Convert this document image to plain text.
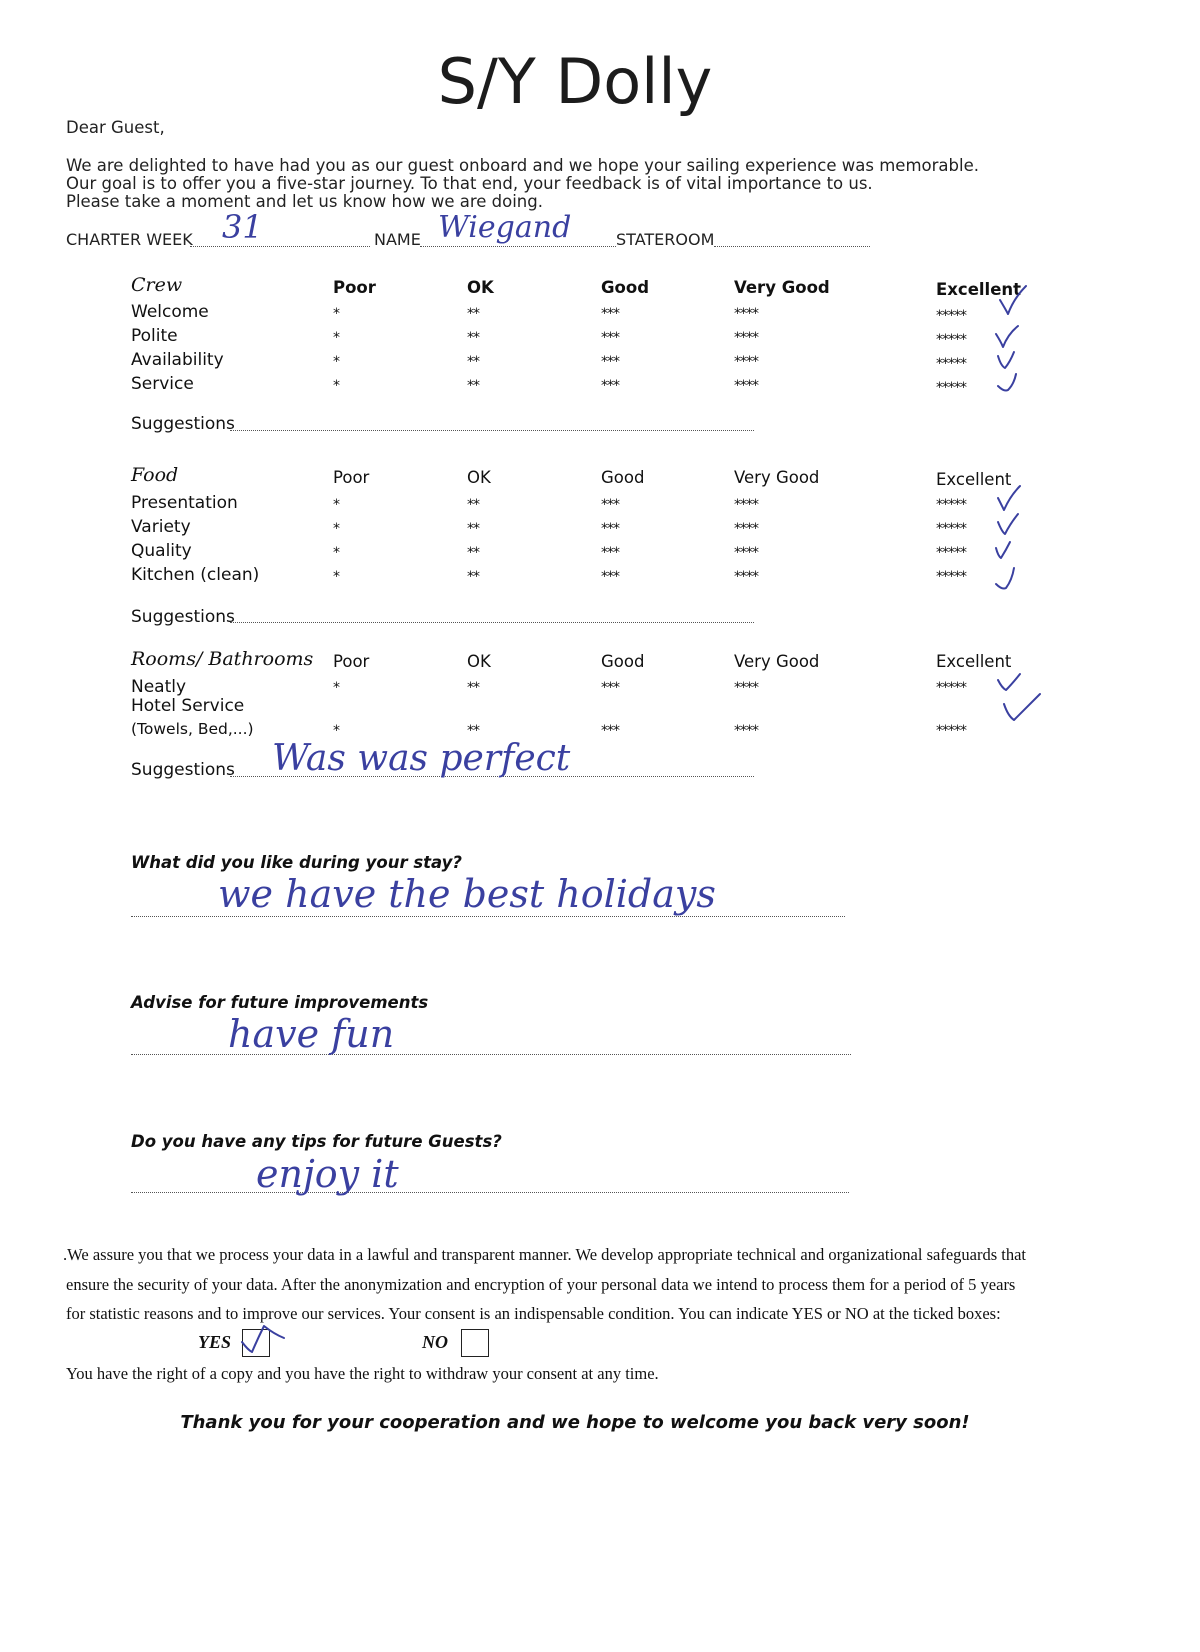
S/Y Dolly
Dear Guest,
We are delighted to have had you as our guest onboard and we hope your sailing experience was memorable.
Our goal is to offer you a five-star journey. To that end, your feedback is of vital importance to us.
Please take a moment and let us know how we are doing.
CHARTER WEEK 31	NAME Wiegand	STATEROOM
Crew	Poor	OK	Good	Very Good	Excellent
Welcome	*	**	***	****	*****
Polite	*	**	***	****	*****
Availability	*	**	***	****	*****
Service	*	**	***	****	*****
Suggestions
Food	Poor	OK	Good	Very Good	Excellent
Presentation	*	**	***	****	*****
Variety	*	**	***	****	*****
Quality	*	**	***	****	*****
Kitchen (clean)	*	**	***	****	*****
Suggestions
Rooms/ Bathrooms Poor	OK	Good	Very Good	Excellent
Neatly	*	**	***	****	*****
Hotel Service
(Towels, Bed,...)	*	**	***	****	*****
Suggestions Was was perfect
What did you like during your stay?
we have the best holidays
Advise for future improvements
have fun
Do you have any tips for future Guests?
enjoy it
.We assure you that we process your data in a lawful and transparent manner. We develop appropriate technical and organizational safeguards that
ensure the security of your data. After the anonymization and encryption of your personal data we intend to process them for a period of 5 years
for statistic reasons and to improve our services. Your consent is an indispensable condition. You can indicate YES or NO at the ticked boxes:
YES	NO
You have the right of a copy and you have the right to withdraw your consent at any time.
Thank you for your cooperation and we hope to welcome you back very soon!
